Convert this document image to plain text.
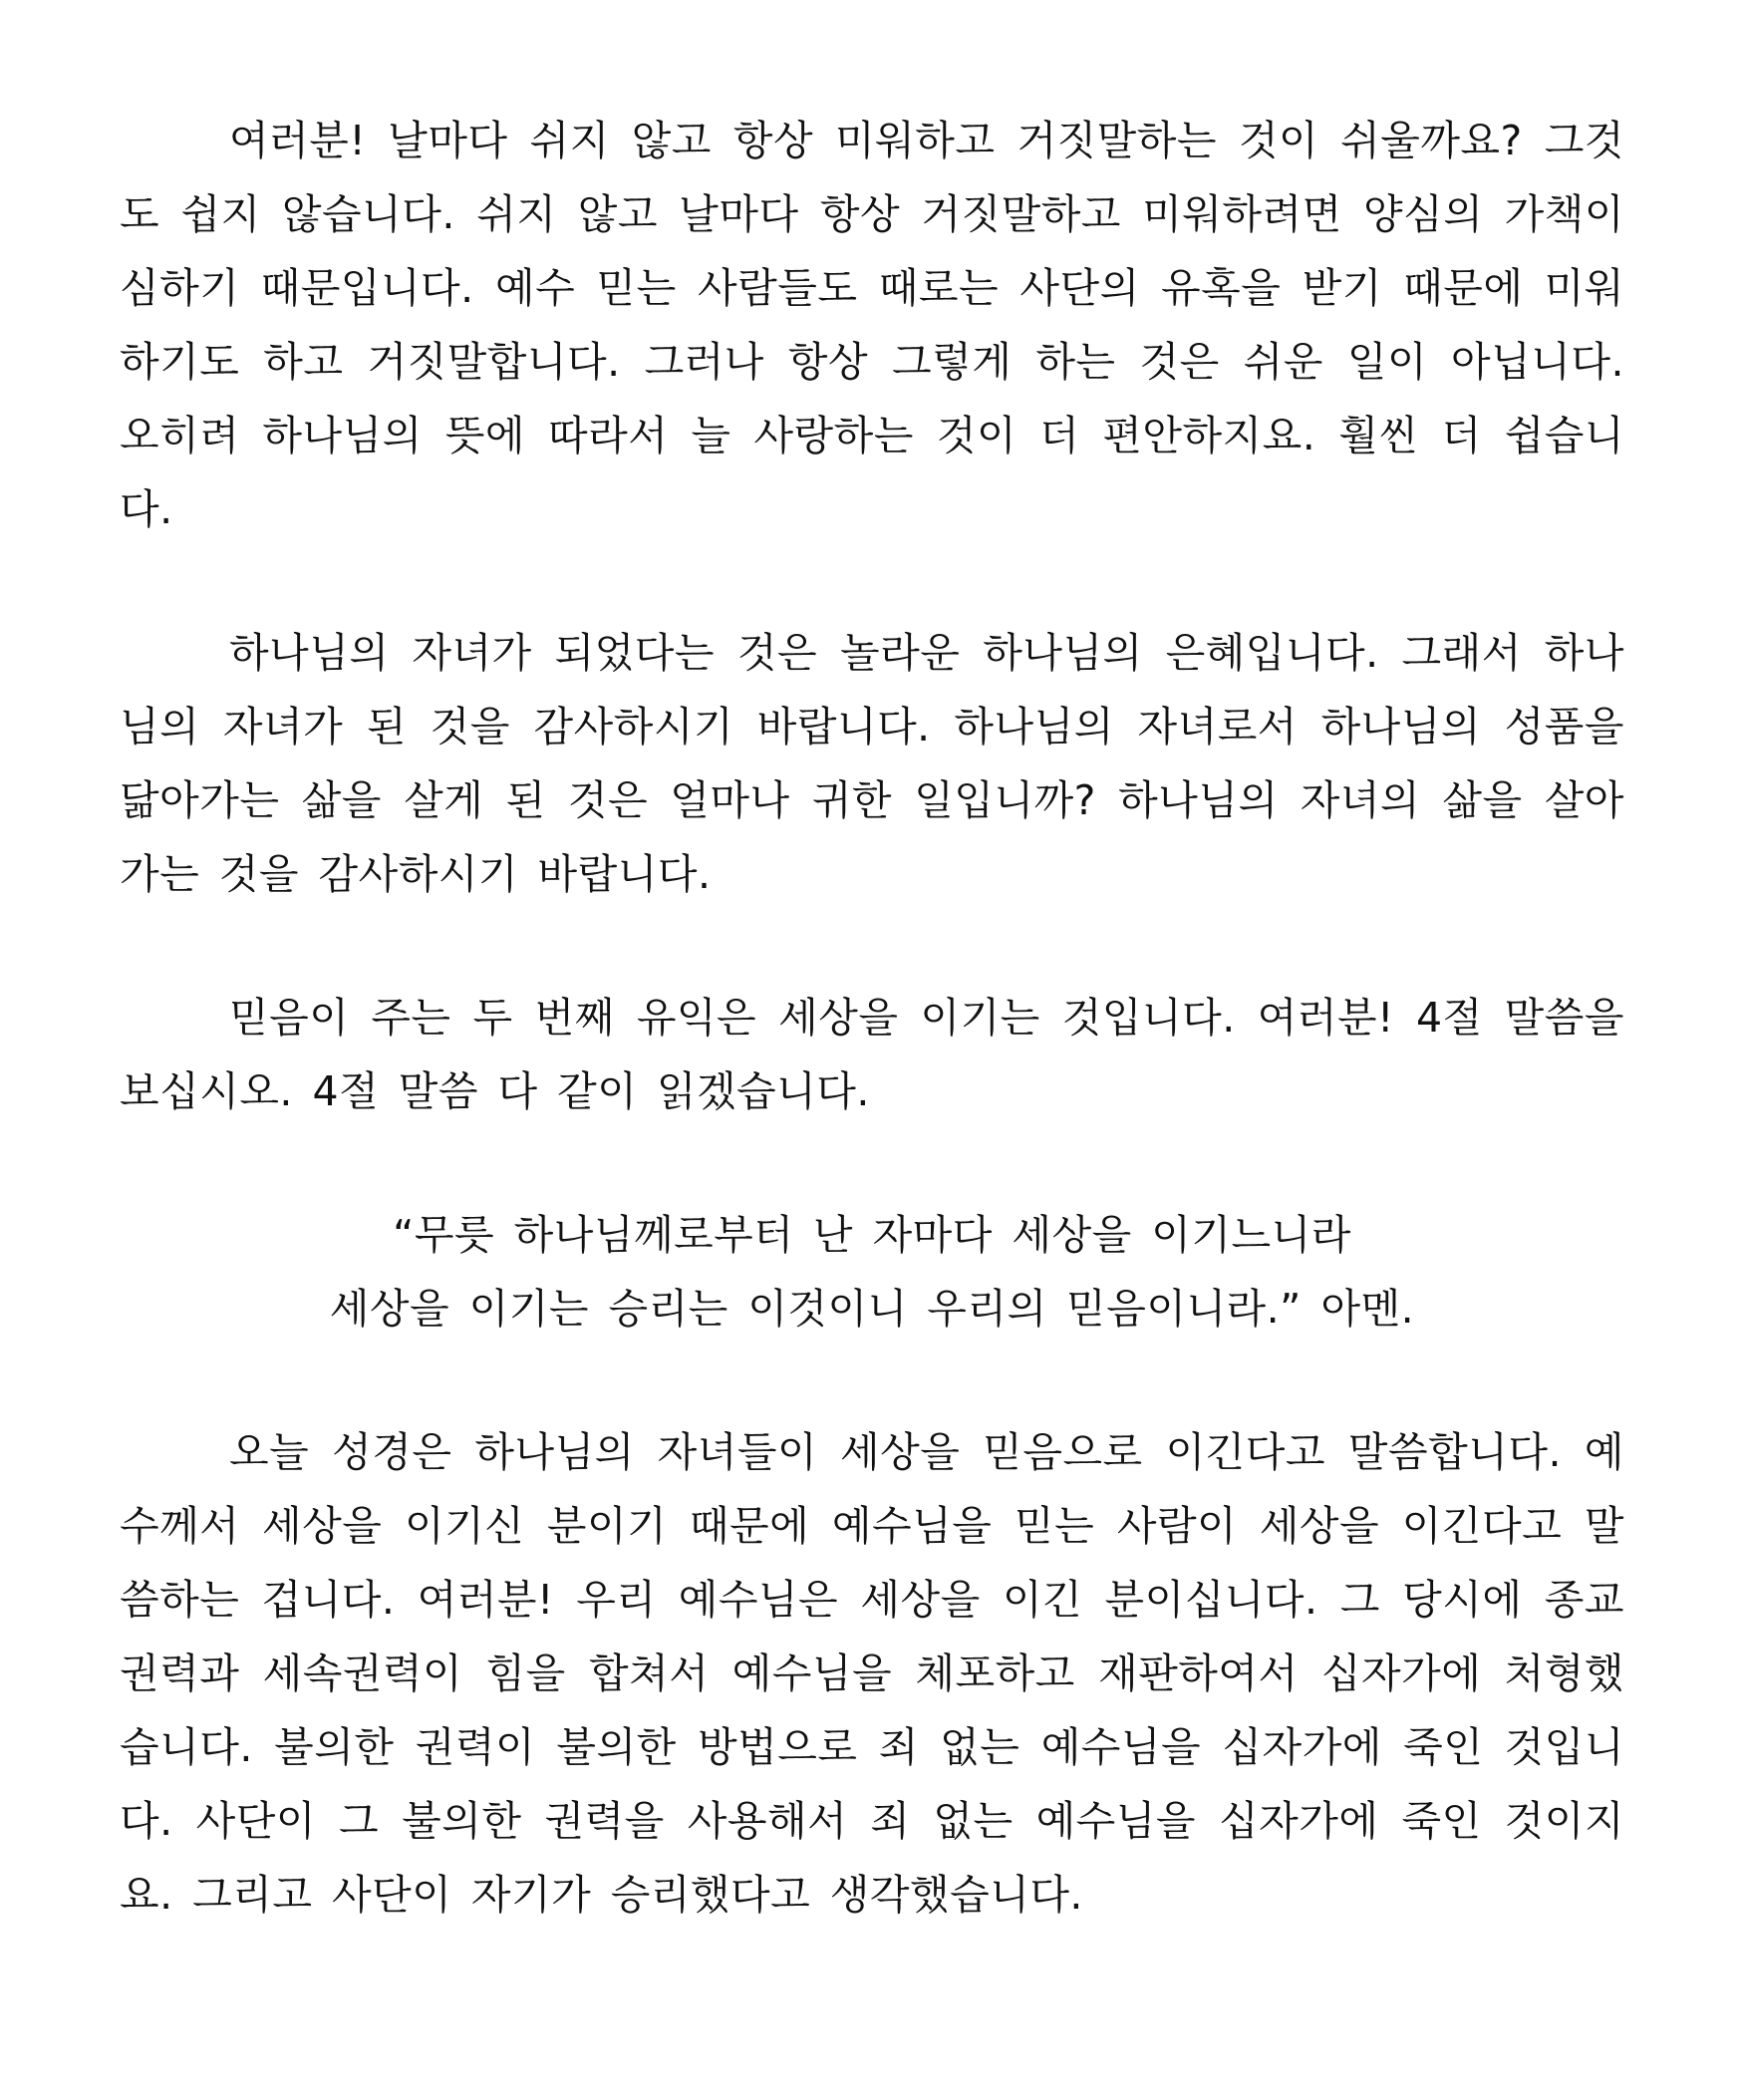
여러분! 날마다 쉬지 않고 항상 미워하고 거짓말하는 것이 쉬울까요? 그것도 쉽지 않습니다. 쉬지 않고 날마다 항상 거짓말하고 미워하려면 양심의 가책이 심하기 때문입니다. 예수 믿는 사람들도 때로는 사단의 유혹을 받기 때문에 미워하기도 하고 거짓말합니다. 그러나 항상 그렇게 하는 것은 쉬운 일이 아닙니다. 오히려 하나님의 뜻에 따라서 늘 사랑하는 것이 더 편안하지요. 훨씬 더 쉽습니다.

하나님의 자녀가 되었다는 것은 놀라운 하나님의 은혜입니다. 그래서 하나님의 자녀가 된 것을 감사하시기 바랍니다. 하나님의 자녀로서 하나님의 성품을 닮아가는 삶을 살게 된 것은 얼마나 귀한 일입니까? 하나님의 자녀의 삶을 살아가는 것을 감사하시기 바랍니다.

믿음이 주는 두 번째 유익은 세상을 이기는 것입니다. 여러분! 4절 말씀을 보십시오. 4절 말씀 다 같이 읽겠습니다.

“무릇 하나님께로부터 난 자마다 세상을 이기느니라
세상을 이기는 승리는 이것이니 우리의 믿음이니라.” 아멘.

오늘 성경은 하나님의 자녀들이 세상을 믿음으로 이긴다고 말씀합니다. 예수께서 세상을 이기신 분이기 때문에 예수님을 믿는 사람이 세상을 이긴다고 말씀하는 겁니다. 여러분! 우리 예수님은 세상을 이긴 분이십니다. 그 당시에 종교권력과 세속권력이 힘을 합쳐서 예수님을 체포하고 재판하여서 십자가에 처형했습니다. 불의한 권력이 불의한 방법으로 죄 없는 예수님을 십자가에 죽인 것입니다. 사단이 그 불의한 권력을 사용해서 죄 없는 예수님을 십자가에 죽인 것이지요. 그리고 사단이 자기가 승리했다고 생각했습니다.
